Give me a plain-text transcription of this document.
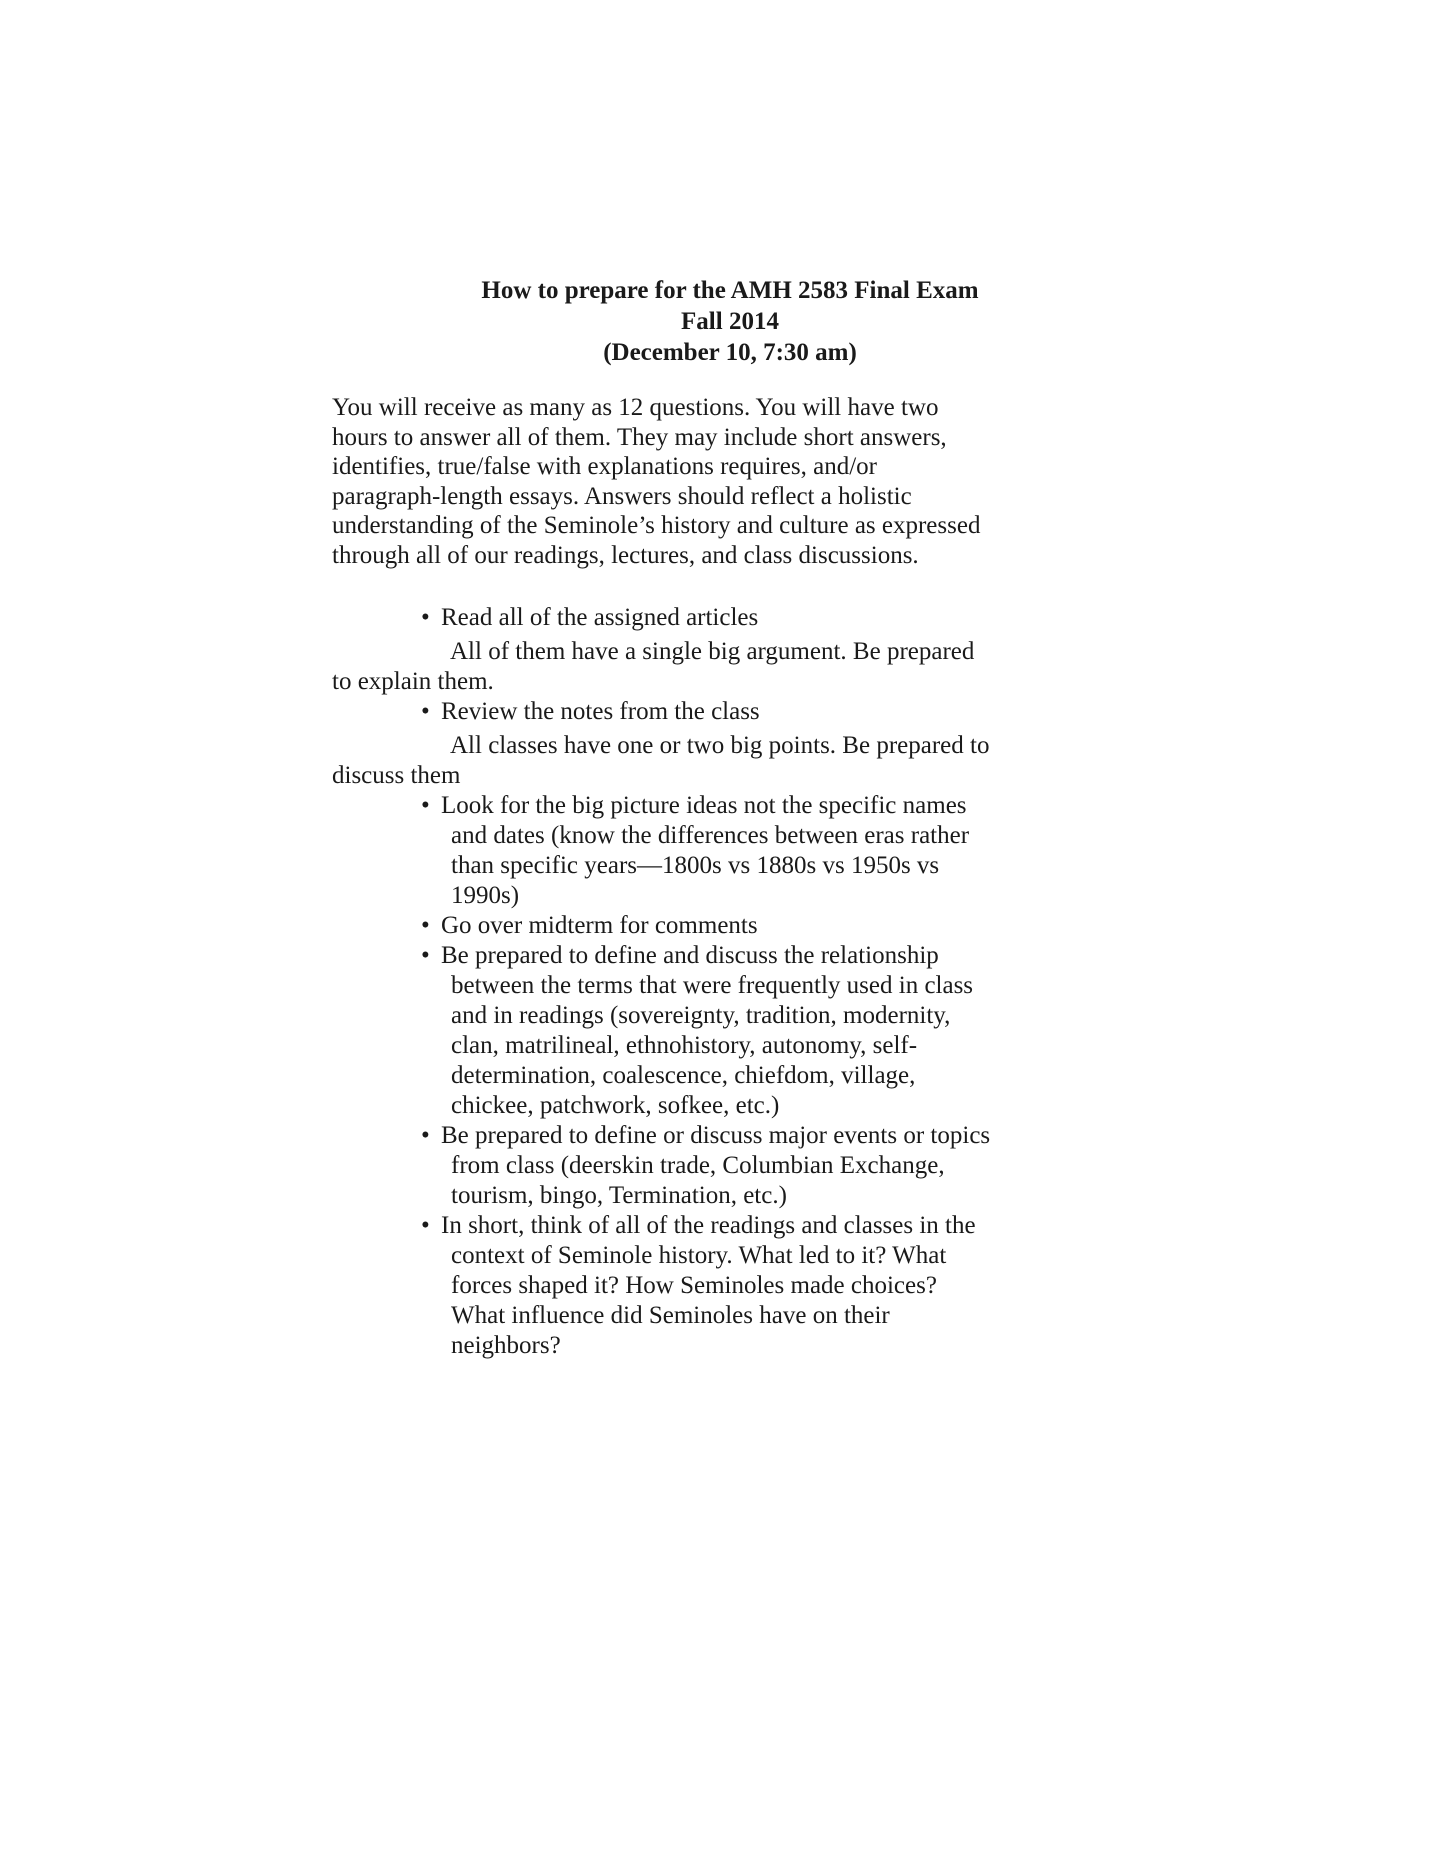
How to prepare for the AMH 2583 Final Exam
Fall 2014
(December 10, 7:30 am)
You will receive as many as 12 questions. You will have two
hours to answer all of them. They may include short answers,
identifies, true/false with explanations requires, and/or
paragraph-length essays. Answers should reflect a holistic
understanding of the Seminole’s history and culture as expressed
through all of our readings, lectures, and class discussions.
• Read all of the assigned articles
All of them have a single big argument. Be prepared
to explain them.
• Review the notes from the class
All classes have one or two big points. Be prepared to
discuss them
• Look for the big picture ideas not the specific names
and dates (know the differences between eras rather
than specific years—1800s vs 1880s vs 1950s vs
1990s)
• Go over midterm for comments
• Be prepared to define and discuss the relationship
between the terms that were frequently used in class
and in readings (sovereignty, tradition, modernity,
clan, matrilineal, ethnohistory, autonomy, self-
determination, coalescence, chiefdom, village,
chickee, patchwork, sofkee, etc.)
• Be prepared to define or discuss major events or topics
from class (deerskin trade, Columbian Exchange,
tourism, bingo, Termination, etc.)
• In short, think of all of the readings and classes in the
context of Seminole history. What led to it? What
forces shaped it? How Seminoles made choices?
What influence did Seminoles have on their
neighbors?
